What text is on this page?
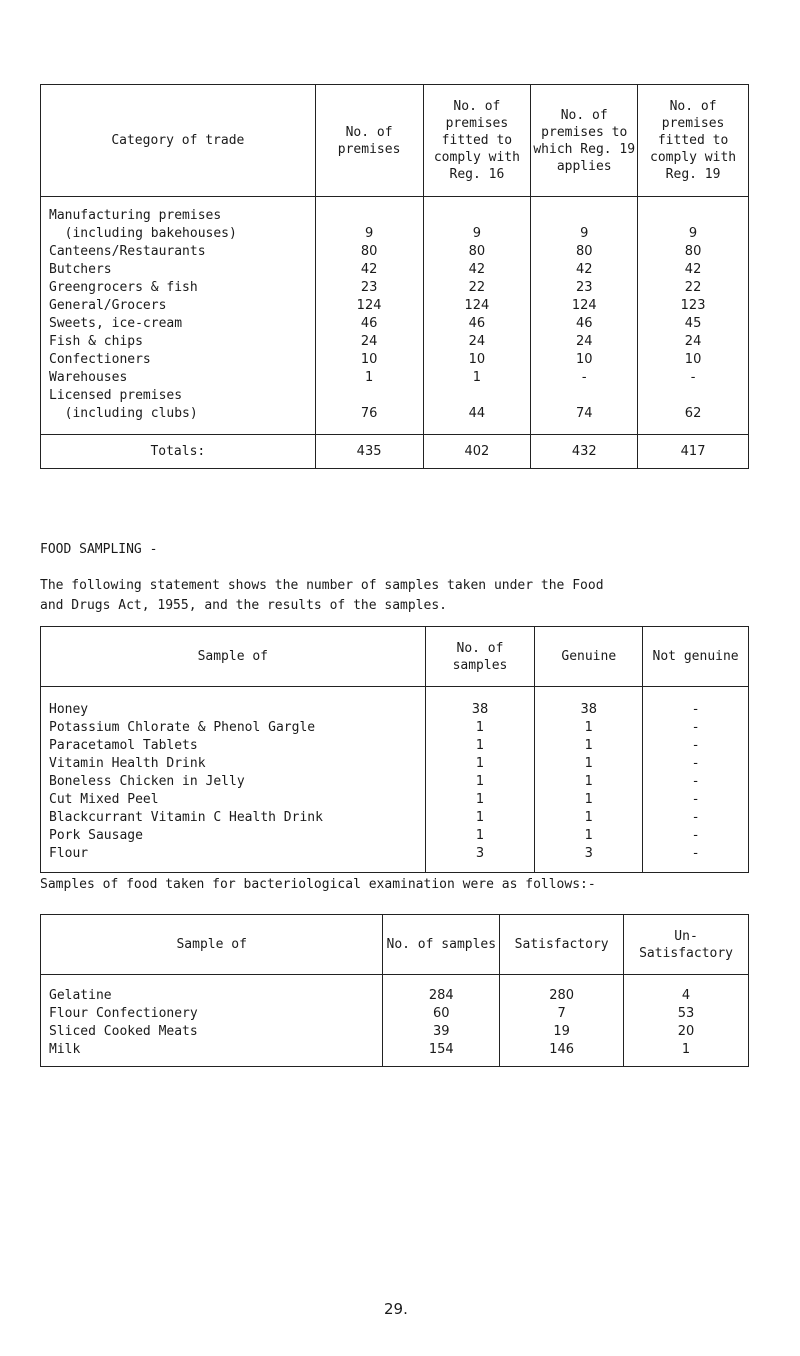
Category of trade	No. of premises	No. of premises fitted to comply with Reg. 16	No. of premises to which Reg. 19 applies	No. of premises fitted to comply with Reg. 19

Manufacturing premises				
(including bakehouses)	9	9	9	9
Canteens/Restaurants	80	80	80	80
Butchers	42	42	42	42
Greengrocers & fish	23	22	23	22
General/Grocers	124	124	124	123
Sweets, ice-cream	46	46	46	45
Fish & chips	24	24	24	24
Confectioners	10	10	10	10
Warehouses	1	1	-	-
Licensed premises				
(including clubs)	76	44	74	62

Totals:	435	402	432	417
FOOD SAMPLING -
The following statement shows the number of samples taken under the Food
and Drugs Act, 1955, and the results of the samples.
Sample of	No. of samples	Genuine	Not genuine

Honey	38	38	-
Potassium Chlorate & Phenol Gargle	1	1	-
Paracetamol Tablets	1	1	-
Vitamin Health Drink	1	1	-
Boneless Chicken in Jelly	1	1	-
Cut Mixed Peel	1	1	-
Blackcurrant Vitamin C Health Drink	1	1	-
Pork Sausage	1	1	-
Flour	3	3	-

Samples of food taken for bacteriological examination were as follows:-
Sample of	No. of samples	Satisfactory	Un- Satisfactory

Gelatine	284	280	4
Flour Confectionery	60	7	53
Sliced Cooked Meats	39	19	20
Milk	154	146	1

29.
